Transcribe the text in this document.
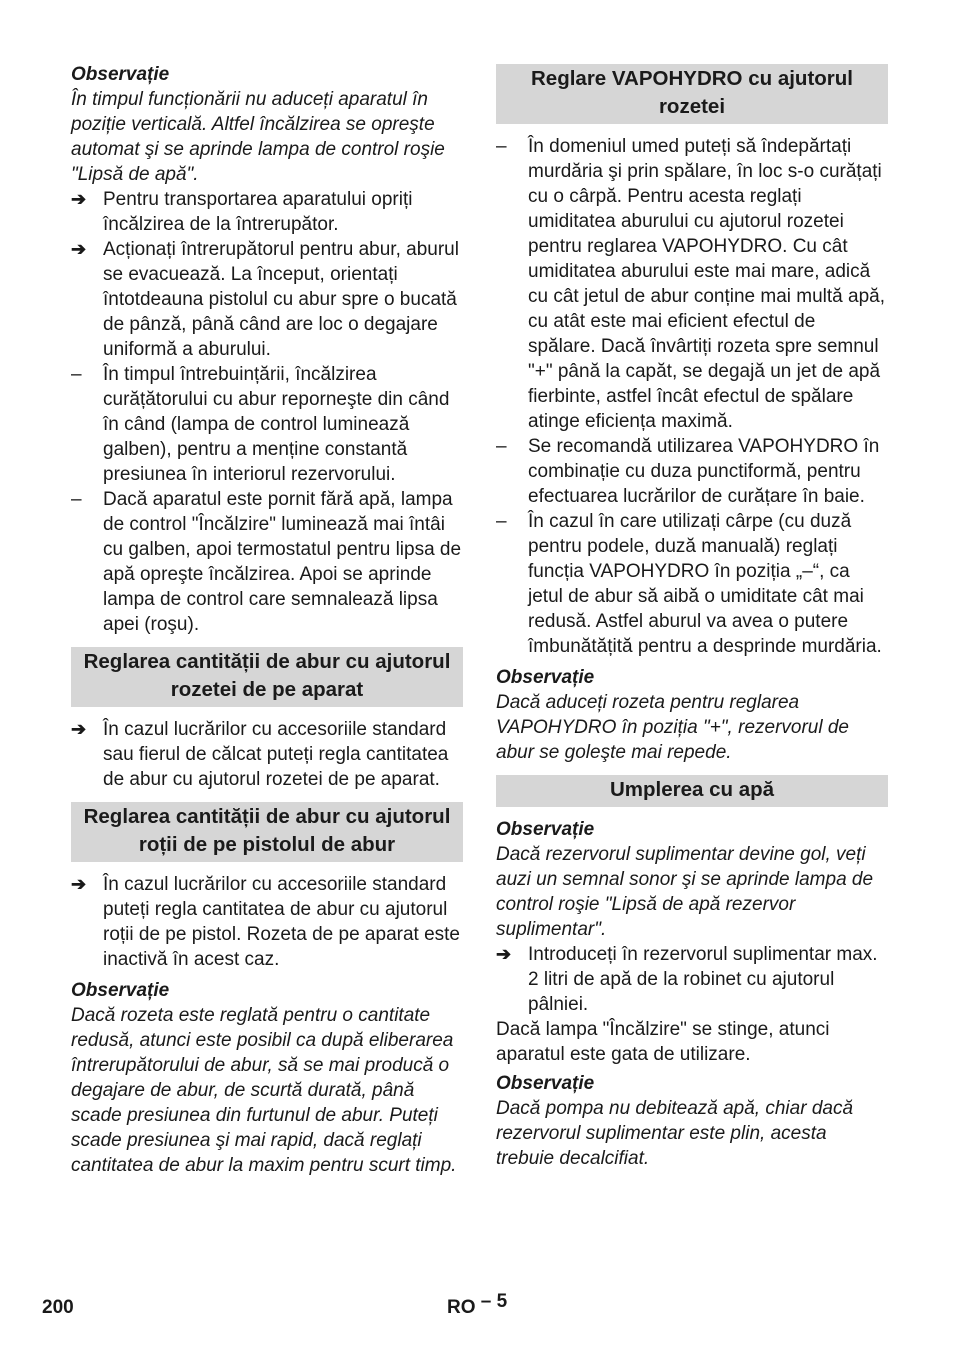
Observație

În timpul funcționării nu aduceți aparatul în poziție verticală. Altfel încălzirea se opreşte automat şi se aprinde lampa de control roşie "Lipsă de apă".

➔ Pentru transportarea aparatului opriți încălzirea de la întrerupător.
➔ Acționați întrerupătorul pentru abur, aburul se evacuează. La început, orientați întotdeauna pistolul cu abur spre o bucată de pânză, până când are loc o degajare uniformă a aburului.
–	În timpul întrebuințării, încălzirea curățătorului cu abur reporneşte din când în când (lampa de control luminează galben), pentru a menține constantă presiunea în interiorul rezervorului.
–	Dacă aparatul este pornit fără apă, lampa de control "Încălzire" luminează mai întâi cu galben, apoi termostatul pentru lipsa de apă opreşte încălzirea. Apoi se aprinde lampa de control care semnalează lipsa apei (roşu).
Reglarea cantității de abur cu ajutorul rozetei de pe aparat
➔ În cazul lucrărilor cu accesoriile standard sau fierul de călcat puteți regla cantitatea de abur cu ajutorul rozetei de pe aparat.
Reglarea cantității de abur cu ajutorul roții de pe pistolul de abur
➔ În cazul lucrărilor cu accesoriile standard puteți regla cantitatea de abur cu ajutorul roții de pe pistol. Rozeta de pe aparat este inactivă în acest caz.

Observație

Dacă rozeta este reglată pentru o cantitate redusă, atunci este posibil ca după eliberarea întrerupătorului de abur, să se mai producă o degajare de abur, de scurtă durată, până scade presiunea din furtunul de abur. Puteți scade presiunea şi mai rapid, dacă reglați cantitatea de abur la maxim pentru scurt timp.

Reglare VAPOHYDRO cu ajutorul rozetei
–	În domeniul umed puteți să îndepărtați murdăria şi prin spălare, în loc s-o curățați cu o cârpă. Pentru acesta reglați umiditatea aburului cu ajutorul rozetei pentru reglarea VAPOHYDRO. Cu cât umiditatea aburului este mai mare, adică cu cât jetul de abur conține mai multă apă, cu atât este mai eficient efectul de spălare. Dacă învârtiți rozeta spre semnul "+" până la capăt, se degajă un jet de apă fierbinte, astfel încât efectul de spălare atinge eficiența maximă.
–	Se recomandă utilizarea VAPOHYDRO în combinație cu duza punctiformă, pentru efectuarea lucrărilor de curățare în baie.
–	În cazul în care utilizați cârpe (cu duză pentru podele, duză manuală) reglați funcția VAPOHYDRO în poziția „–“, ca jetul de abur să aibă o umiditate cât mai redusă. Astfel aburul va avea o putere îmbunătățită pentru a desprinde murdăria.

Observație

Dacă aduceți rozeta pentru reglarea VAPOHYDRO în poziția "+", rezervorul de abur se goleşte mai repede.

Umplerea cu apă

Observație

Dacă rezervorul suplimentar devine gol, veți auzi un semnal sonor şi se aprinde lampa de control roşie "Lipsă de apă rezervor suplimentar".

➔ Introduceți în rezervorul suplimentar max. 2 litri de apă de la robinet cu ajutorul pâlniei.

Dacă lampa "Încălzire" se stinge, atunci aparatul este gata de utilizare.

Observație

Dacă pompa nu debitează apă, chiar dacă rezervorul suplimentar este plin, acesta trebuie decalcifiat.

200	RO – 5
